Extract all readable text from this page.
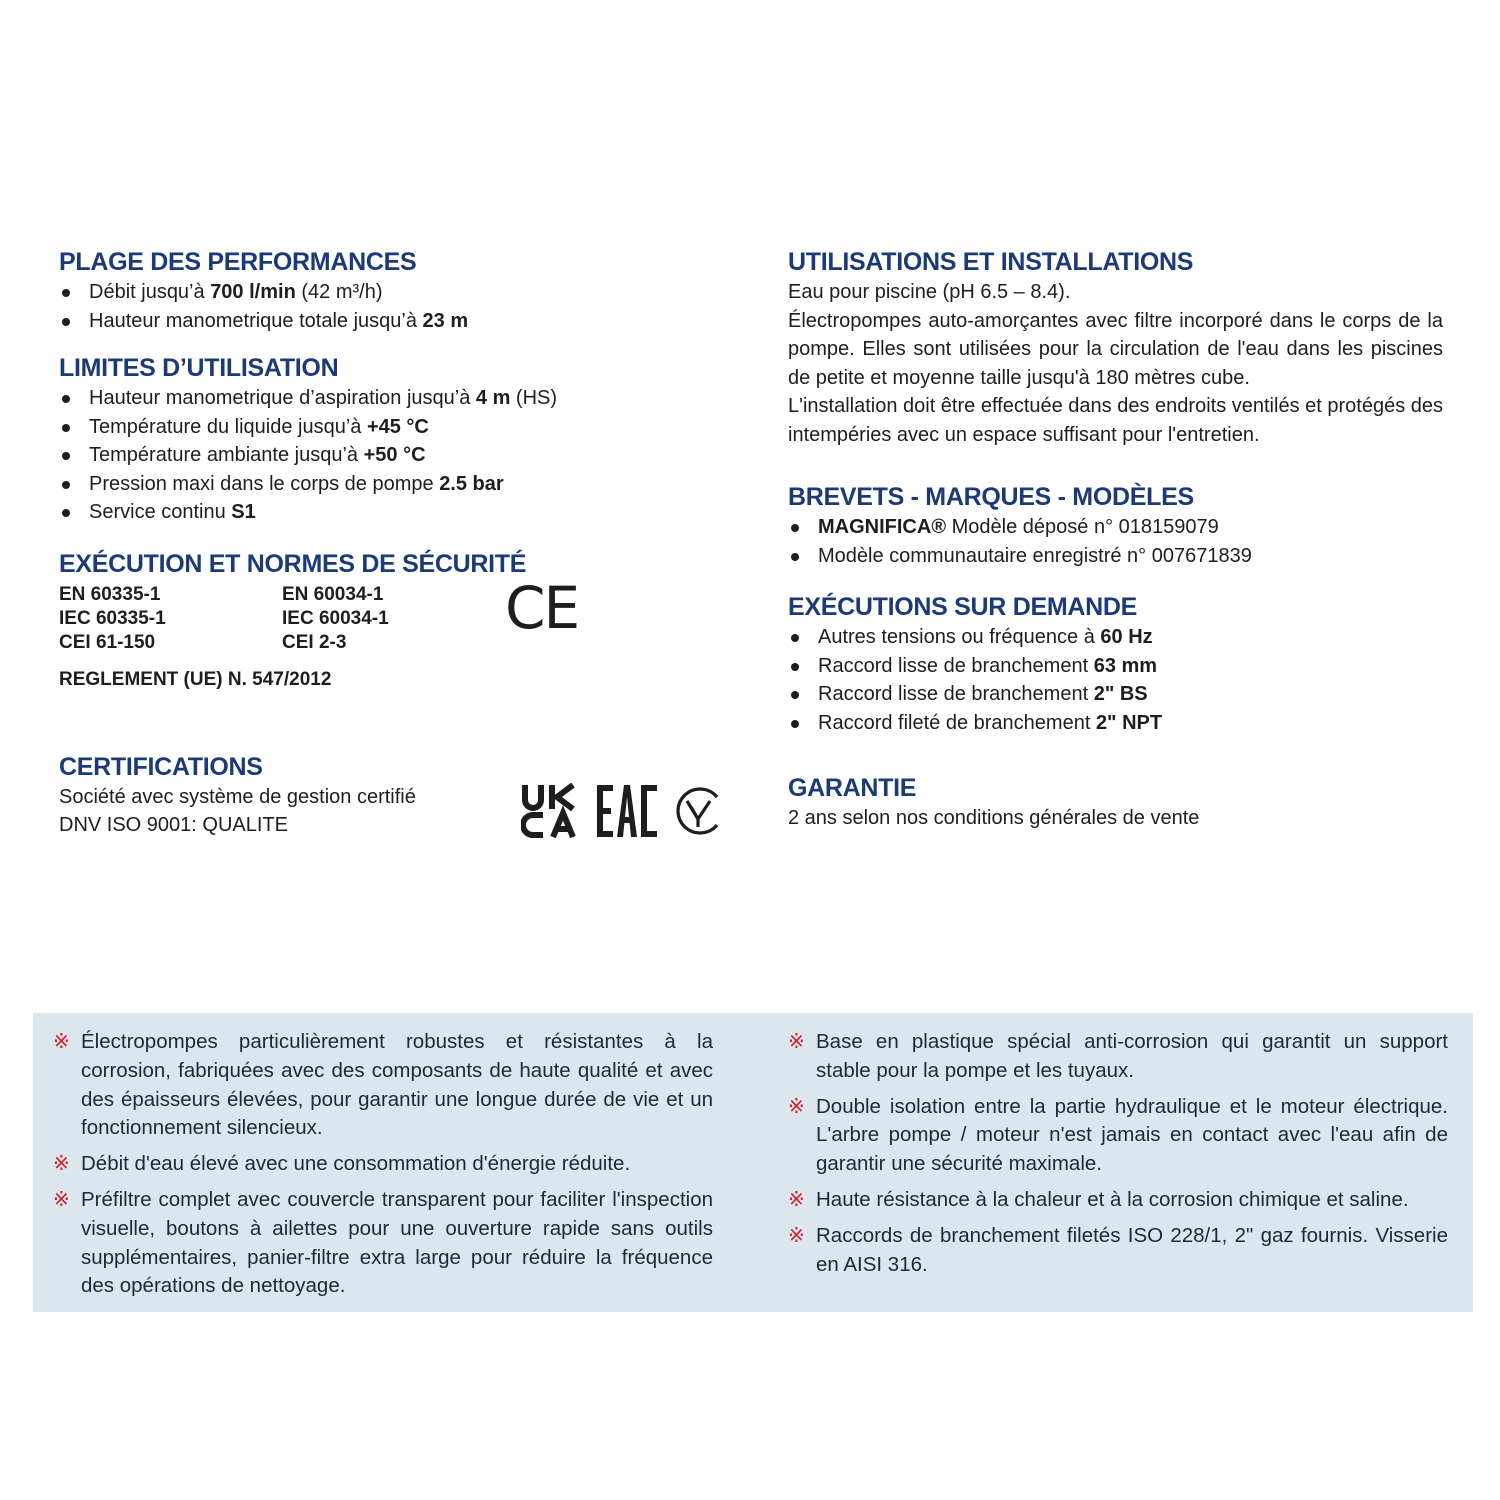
PLAGE DES PERFORMANCES
Débit jusqu’à 700 l/min (42 m³/h)
Hauteur manometrique totale jusqu’à 23 m
LIMITES D’UTILISATION
Hauteur manometrique d’aspiration jusqu’à 4 m (HS)
Température du liquide jusqu’à +45 °C
Température ambiante jusqu’à +50 °C
Pression maxi dans le corps de pompe 2.5 bar
Service continu S1
EXÉCUTION ET NORMES DE SÉCURITÉ
EN 60335-1
IEC 60335-1
CEI 61-150
EN 60034-1
IEC 60034-1
CEI 2-3
CE
REGLEMENT (UE) N. 547/2012
CERTIFICATIONS
Société avec système de gestion certifié
DNV ISO 9001: QUALITE
UTILISATIONS ET INSTALLATIONS
Eau pour piscine (pH 6.5 – 8.4).
Électropompes auto-amorçantes avec filtre incorporé dans le corps de la pompe. Elles sont utilisées pour la circulation de l'eau dans les piscines de petite et moyenne taille jusqu'à 180 mètres cube.
L'installation doit être effectuée dans des endroits ventilés et protégés des intempéries avec un espace suffisant pour l'entretien.
BREVETS - MARQUES - MODÈLES
MAGNIFICA® Modèle déposé n° 018159079
Modèle communautaire enregistré n° 007671839
EXÉCUTIONS SUR DEMANDE
Autres tensions ou fréquence à 60 Hz
Raccord lisse de branchement 63 mm
Raccord lisse de branchement 2" BS
Raccord fileté de branchement 2" NPT
GARANTIE
2 ans selon nos conditions générales de vente
※ Électropompes particulièrement robustes et résistantes à la corrosion, fabriquées avec des composants de haute qualité et avec des épaisseurs élevées, pour garantir une longue durée de vie et un fonctionnement silencieux.
※ Débit d'eau élevé avec une consommation d'énergie réduite.
※ Préfiltre complet avec couvercle transparent pour faciliter l'inspection visuelle, boutons à ailettes pour une ouverture rapide sans outils supplémentaires, panier-filtre extra large pour réduire la fréquence des opérations de nettoyage.
※ Base en plastique spécial anti-corrosion qui garantit un support stable pour la pompe et les tuyaux.
※ Double isolation entre la partie hydraulique et le moteur électrique. L'arbre pompe / moteur n'est jamais en contact avec l'eau afin de garantir une sécurité maximale.
※ Haute résistance à la chaleur et à la corrosion chimique et saline.
※ Raccords de branchement filetés ISO 228/1, 2" gaz fournis. Visserie en AISI 316.
